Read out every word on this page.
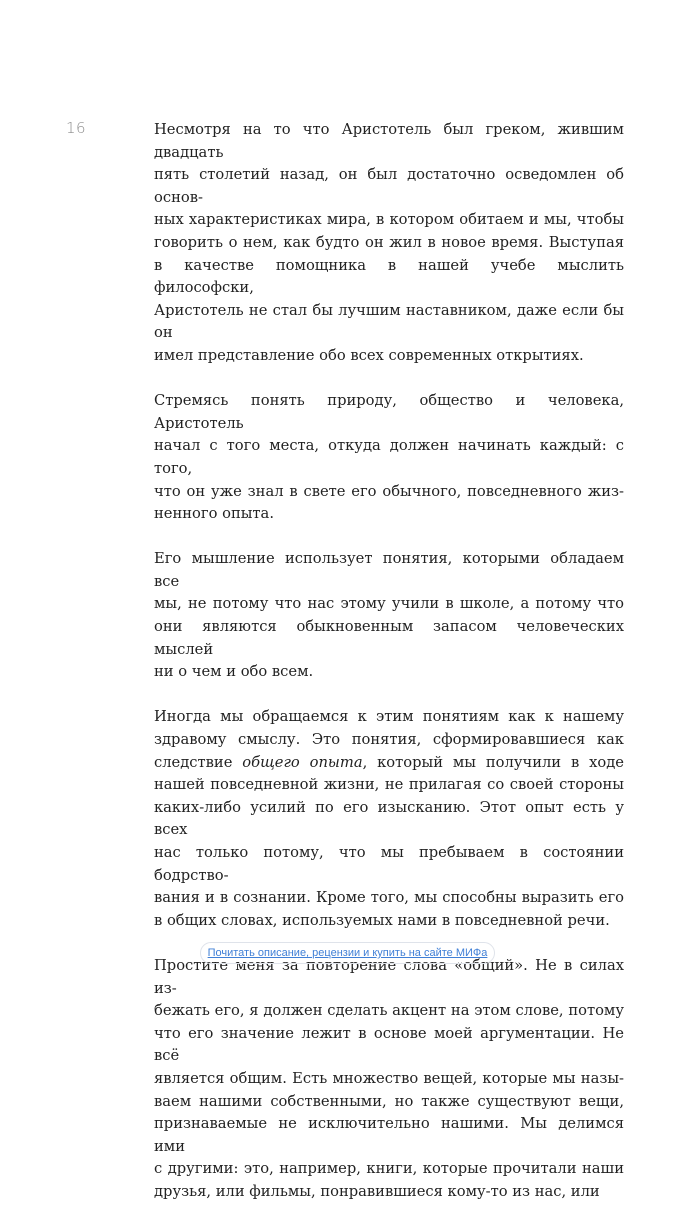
16	Несмотря на то что Аристотель был греком, жившим двадцать
пять столетий назад, он был достаточно осведомлен об основ-
ных характеристиках мира, в котором обитаем и мы, чтобы
говорить о нем, как будто он жил в новое время. Выступая
в качестве помощника в нашей учебе мыслить философски,
Аристотель не стал бы лучшим наставником, даже если бы он
имел представление обо всех современных открытиях.

Стремясь понять природу, общество и человека, Аристотель
начал с того места, откуда должен начинать каждый: с того,
что он уже знал в свете его обычного, повседневного жиз-
ненного опыта.

Его мышление использует понятия, которыми обладаем все
мы, не потому что нас этому учили в школе, а потому что
они являются обыкновенным запасом человеческих мыслей
ни о чем и обо всем.

Иногда мы обращаемся к этим понятиям как к нашему
здравому смыслу. Это понятия, сформировавшиеся как
следствие общего опыта, который мы получили в ходе
нашей повседневной жизни, не прилагая со своей стороны
каких-либо усилий по его изысканию. Этот опыт есть у всех
нас только потому, что мы пребываем в состоянии бодрство-
вания и в сознании. Кроме того, мы способны выразить его
в общих словах, используемых нами в повседневной речи.

Простите меня за повторение слова «общий». Не в силах из-
бежать его, я должен сделать акцент на этом слове, потому
что его значение лежит в основе моей аргументации. Не всё
является общим. Есть множество вещей, которые мы назы-
ваем нашими собственными, но также существуют вещи,
признаваемые не исключительно нашими. Мы делимся ими
с другими: это, например, книги, которые прочитали наши
друзья, или фильмы, понравившиеся кому-то из нас, или

Почитать описание, рецензии и купить на сайте МИФа
